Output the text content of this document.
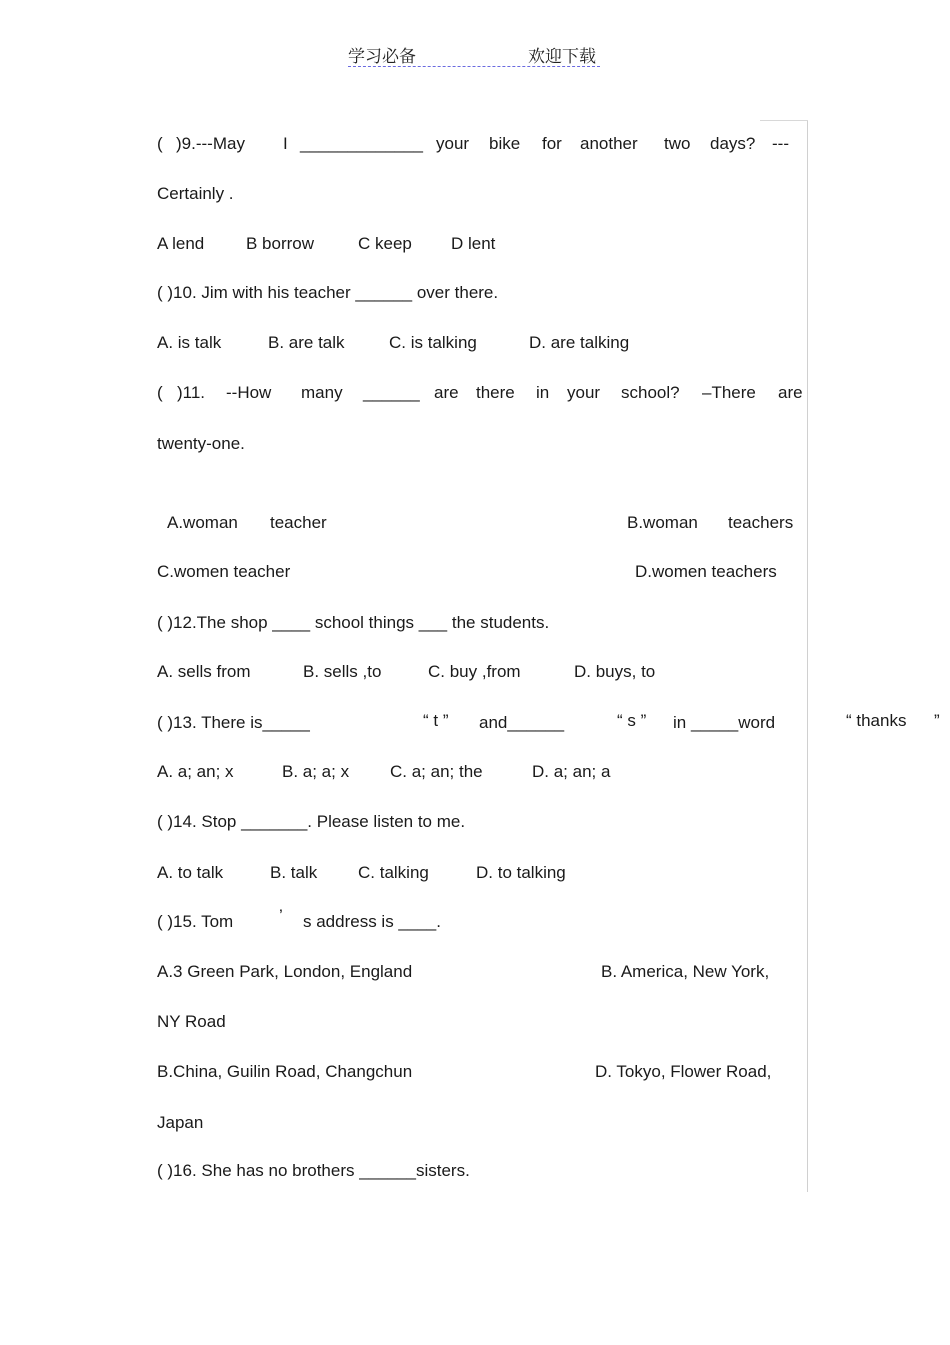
学习必备	欢迎下载
( )9.---May I _____________ your bike for another two days? ---
Certainly .
A lend B borrow	C keep D lent
( )10. Jim with his teacher ______ over there.
A. is talk	B. are talk	C. is talking	D. are talking
( )11. --How many ______ are there in your school? –There are
twenty-one.
A.woman teacher	B.woman teachers
C.women teacher	D.women teachers
( )12.The shop ____ school things ___ the students.
A. sells from	B. sells ,to	C. buy ,from	D. buys, to
( )13. There is_____	“ t ” and______	“ s ” in _____word	“ thanks ”
A. a; an; x	B. a; a; x C. a; an; the	D. a; an; a
( )14. Stop _______. Please listen to me.
A. to talk	B. talk C. talking	D. to talking
( )15. Tom	’ s address is ____.
A.3 Green Park, London, England	B. America, New York,
NY Road
B.China, Guilin Road, Changchun	D. Tokyo, Flower Road,
Japan
( )16. She has no brothers ______sisters.
